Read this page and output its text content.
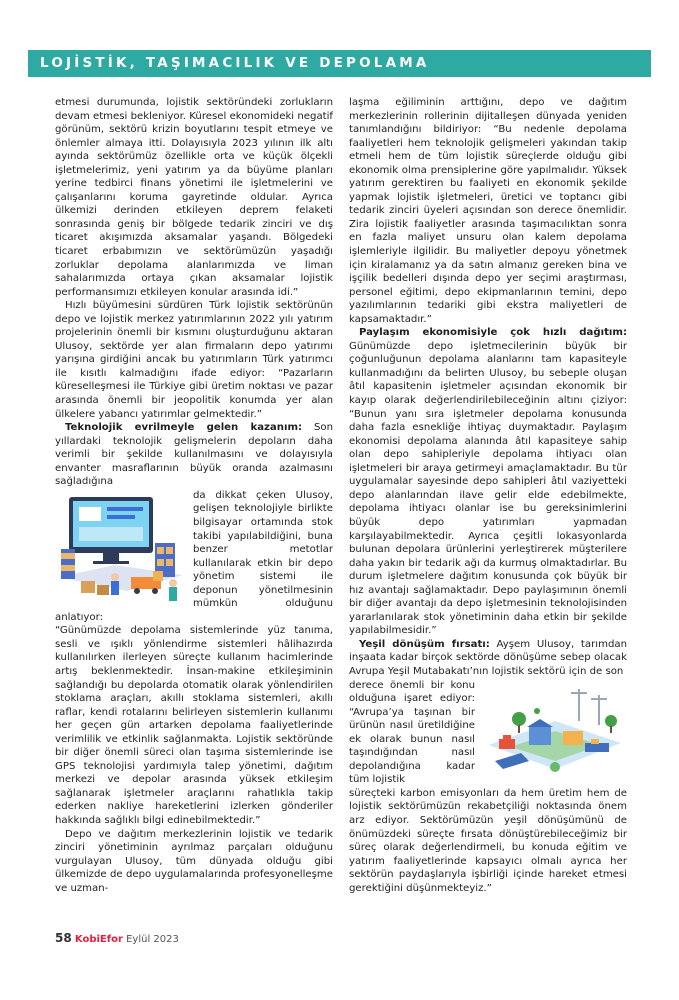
LOJİSTİK, TAŞIMACILIK VE DEPOLAMA

etmesi durumunda, lojistik sektöründeki zorlukların devam etmesi bekleniyor. Küresel ekonomideki negatif görünüm, sektörü krizin boyutlarını tespit etmeye ve önlemler almaya itti. Dolayısıyla 2023 yılının ilk altı ayında sektörümüz özellikle orta ve küçük ölçekli işletmelerimiz, yeni yatırım ya da büyüme planları yerine tedbirci finans yönetimi ile işletmelerini ve çalışanlarını koruma gayretinde oldular. Ayrıca ülkemizi derinden etkileyen deprem felaketi sonrasında geniş bir bölgede tedarik zinciri ve dış ticaret akışımızda aksamalar yaşandı. Bölgedeki ticaret erbabımızın ve sektörümüzün yaşadığı zorluklar depolama alanlarımızda ve liman sahalarımızda ortaya çıkan aksamalar lojistik performansımızı etkileyen konular arasında idi.”

Hızlı büyümesini sürdüren Türk lojistik sektörünün depo ve lojistik merkez yatırımlarının 2022 yılı yatırım projelerinin önemli bir kısmını oluşturduğunu aktaran Ulusoy, sektörde yer alan firmaların depo yatırımı yarışına girdiğini ancak bu yatırımların Türk yatırımcı ile kısıtlı kalmadığını ifade ediyor: “Pazarların küreselleşmesi ile Türkiye gibi üretim noktası ve pazar arasında önemli bir jeopolitik konumda yer alan ülkelere yabancı yatırımlar gelmektedir.”

Teknolojik evrilmeyle gelen kazanım: Son yıllardaki teknolojik gelişmelerin depoların daha verimli bir şekilde kullanılmasını ve dolayısıyla envanter masraflarının büyük oranda azalmasını sağladığına

da dikkat çeken Ulusoy, gelişen teknolojiyle birlikte bilgisayar ortamında stok takibi yapılabildiğini, buna benzer metotlar kullanılarak etkin bir depo yönetim sistemi ile deponun yönetilmesinin mümkün olduğunu anlatıyor:

“Günümüzde depolama sistemlerinde yüz tanıma, sesli ve ışıklı yönlendirme sistemleri hâlihazırda kullanılırken ilerleyen süreçte kullanım hacimlerinde artış beklenmektedir. İnsan-makine etkileşiminin sağlandığı bu depolarda otomatik olarak yönlendirilen stoklama araçları, akıllı stoklama sistemleri, akıllı raflar, kendi rotalarını belirleyen sistemlerin kullanımı her geçen gün artarken depolama faaliyetlerinde verimlilik ve etkinlik sağlanmakta. Lojistik sektöründe bir diğer önemli süreci olan taşıma sistemlerinde ise GPS teknolojisi yardımıyla talep yönetimi, dağıtım merkezi ve depolar arasında yüksek etkileşim sağlanarak işletmeler araçlarını rahatlıkla takip ederken nakliye hareketlerini izlerken gönderiler hakkında sağlıklı bilgi edinebilmektedir.”

Depo ve dağıtım merkezlerinin lojistik ve tedarik zinciri yönetiminin ayrılmaz parçaları olduğunu vurgulayan Ulusoy, tüm dünyada olduğu gibi ülkemizde de depo uygulamalarında profesyonelleşme ve uzman-

laşma eğiliminin arttığını, depo ve dağıtım merkezlerinin rollerinin dijitalleşen dünyada yeniden tanımlandığını bildiriyor: “Bu nedenle depolama faaliyetleri hem teknolojik gelişmeleri yakından takip etmeli hem de tüm lojistik süreçlerde olduğu gibi ekonomik olma prensiplerine göre yapılmalıdır. Yüksek yatırım gerektiren bu faaliyeti en ekonomik şekilde yapmak lojistik işletmeleri, üretici ve toptancı gibi tedarik zinciri üyeleri açısından son derece önemlidir. Zira lojistik faaliyetler arasında taşımacılıktan sonra en fazla maliyet unsuru olan kalem depolama işlemleriyle ilgilidir. Bu maliyetler depoyu yönetmek için kiralamanız ya da satın almanız gereken bina ve işçilik bedelleri dışında depo yer seçimi araştırması, personel eğitimi, depo ekipmanlarının temini, depo yazılımlarının tedariki gibi ekstra maliyetleri de kapsamaktadır.”

Paylaşım ekonomisiyle çok hızlı dağıtım: Günümüzde depo işletmecilerinin büyük bir çoğunluğunun depolama alanlarını tam kapasiteyle kullanmadığını da belirten Ulusoy, bu sebeple oluşan âtıl kapasitenin işletmeler açısından ekonomik bir kayıp olarak değerlendirilebileceğinin altını çiziyor: “Bunun yanı sıra işletmeler depolama konusunda daha fazla esnekliğe ihtiyaç duymaktadır. Paylaşım ekonomisi depolama alanında âtıl kapasiteye sahip olan depo sahipleriyle depolama ihtiyacı olan işletmeleri bir araya getirmeyi amaçlamaktadır. Bu tür uygulamalar sayesinde depo sahipleri âtıl vaziyetteki depo alanlarından ilave gelir elde edebilmekte, depolama ihtiyacı olanlar ise bu gereksinimlerini büyük depo yatırımları yapmadan karşılayabilmektedir. Ayrıca çeşitli lokasyonlarda bulunan depolara ürünlerini yerleştirerek müşterilere daha yakın bir tedarik ağı da kurmuş olmaktadırlar. Bu durum işletmelere dağıtım konusunda çok büyük bir hız avantajı sağlamaktadır. Depo paylaşımının önemli bir diğer avantajı da depo işletmesinin teknolojisinden yararlanılarak stok yönetiminin daha etkin bir şekilde yapılabilmesidir.”

Yeşil dönüşüm fırsatı: Ayşem Ulusoy, tarımdan inşaata kadar birçok sektörde dönüşüme sebep olacak Avrupa Yeşil Mutabakatı’nın lojistik sektörü için de son

derece önemli bir konu olduğuna işaret ediyor: “Avrupa’ya taşınan bir ürünün nasıl üretildiğine ek olarak bunun nasıl taşındığından nasıl depolandığına kadar tüm lojistik

süreçteki karbon emisyonları da hem üretim hem de lojistik sektörümüzün rekabetçiliği noktasında önem arz ediyor. Sektörümüzün yeşil dönüşümünü de önümüzdeki süreçte fırsata dönüştürebileceğimiz bir süreç olarak değerlendirmeli, bu konuda eğitim ve yatırım faaliyetlerinde kapsayıcı olmalı ayrıca her sektörün paydaşlarıyla işbirliği içinde hareket etmesi gerektiğini düşünmekteyiz.”

58 KobiEfor Eylül 2023
